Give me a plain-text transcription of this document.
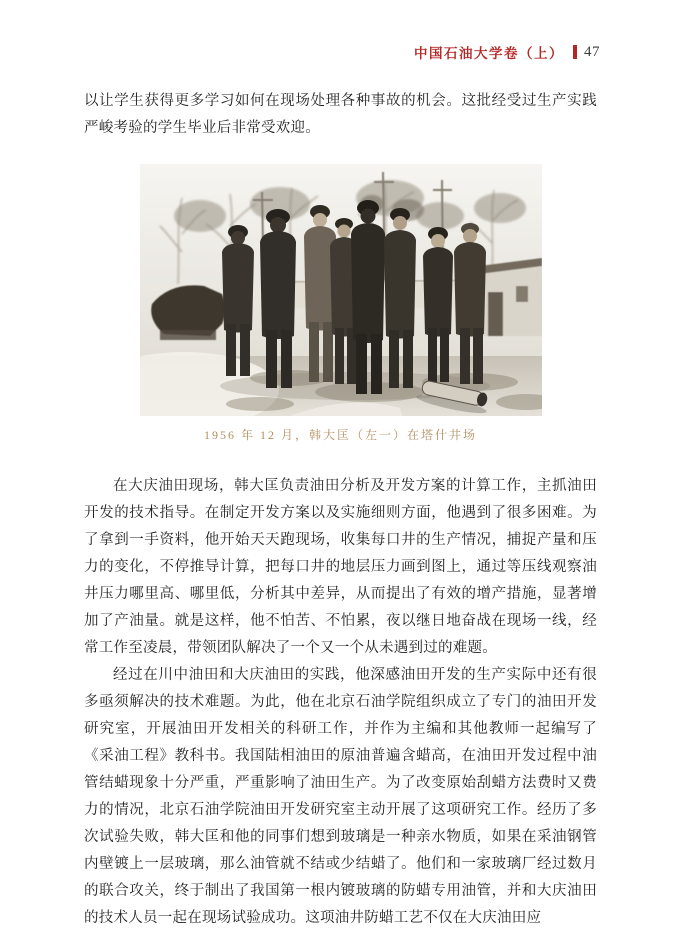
中国石油大学卷（上） 47

以让学生获得更多学习如何在现场处理各种事故的机会。这批经受过生产实践严峻考验的学生毕业后非常受欢迎。

1956 年 12 月，韩大匡（左一）在塔什井场

在大庆油田现场，韩大匡负责油田分析及开发方案的计算工作，主抓油田开发的技术指导。在制定开发方案以及实施细则方面，他遇到了很多困难。为了拿到一手资料，他开始天天跑现场，收集每口井的生产情况，捕捉产量和压力的变化，不停推导计算，把每口井的地层压力画到图上，通过等压线观察油井压力哪里高、哪里低，分析其中差异，从而提出了有效的增产措施，显著增加了产油量。就是这样，他不怕苦、不怕累，夜以继日地奋战在现场一线，经常工作至凌晨，带领团队解决了一个又一个从未遇到过的难题。

经过在川中油田和大庆油田的实践，他深感油田开发的生产实际中还有很多亟须解决的技术难题。为此，他在北京石油学院组织成立了专门的油田开发研究室，开展油田开发相关的科研工作，并作为主编和其他教师一起编写了《采油工程》教科书。我国陆相油田的原油普遍含蜡高，在油田开发过程中油管结蜡现象十分严重，严重影响了油田生产。为了改变原始刮蜡方法费时又费力的情况，北京石油学院油田开发研究室主动开展了这项研究工作。经历了多次试验失败，韩大匡和他的同事们想到玻璃是一种亲水物质，如果在采油钢管内壁镀上一层玻璃，那么油管就不结或少结蜡了。他们和一家玻璃厂经过数月的联合攻关，终于制出了我国第一根内镀玻璃的防蜡专用油管，并和大庆油田的技术人员一起在现场试验成功。这项油井防蜡工艺不仅在大庆油田应
